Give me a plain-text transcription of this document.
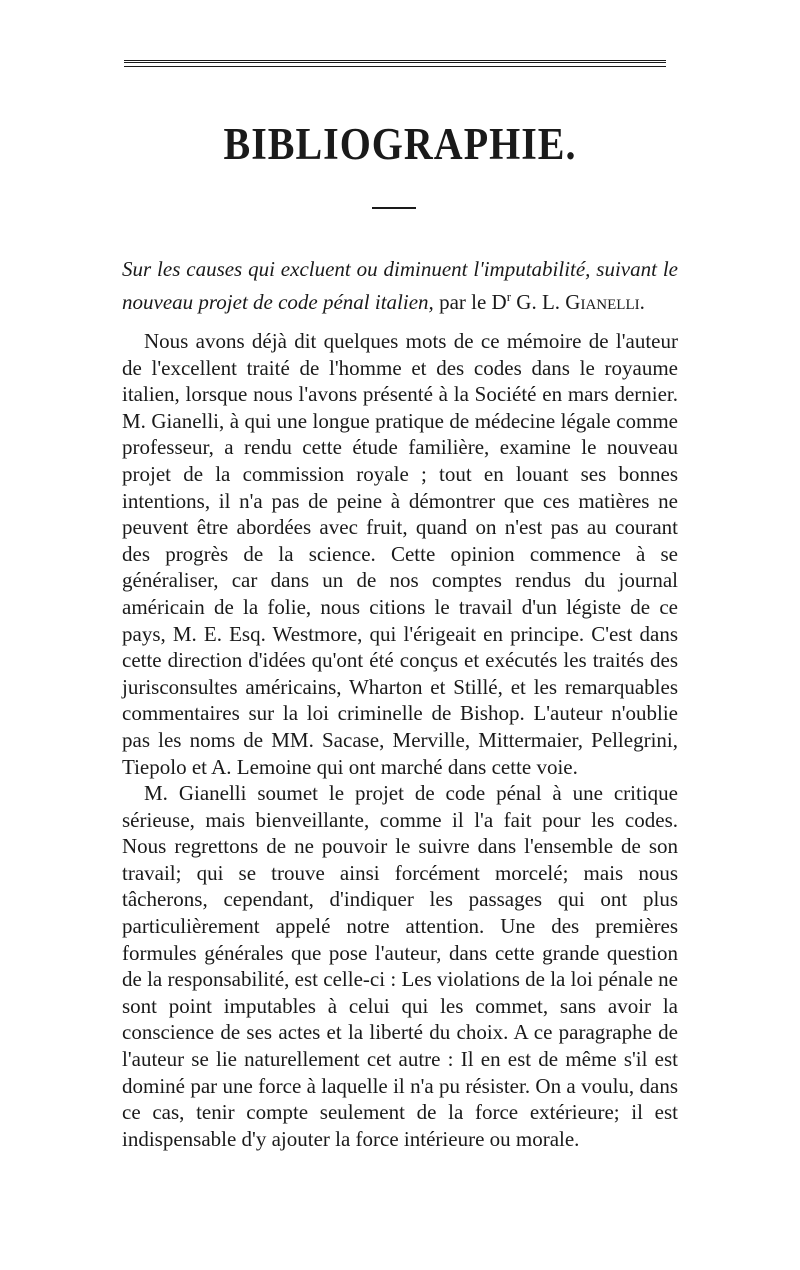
BIBLIOGRAPHIE.
Sur les causes qui excluent ou diminuent l'imputabilité, suivant le nouveau projet de code pénal italien, par le $D^r$ G. L. Gianelli.

Nous avons déjà dit quelques mots de ce mémoire de l'auteur de l'excellent traité de l'homme et des codes dans le royaume italien, lorsque nous l'avons présenté à la Société en mars dernier. M. Gianelli, à qui une longue pratique de médecine légale comme professeur, a rendu cette étude familière, examine le nouveau projet de la commission royale ; tout en louant ses bonnes intentions, il n'a pas de peine à démontrer que ces matières ne peuvent être abordées avec fruit, quand on n'est pas au courant des progrès de la science. Cette opinion commence à se généraliser, car dans un de nos comptes rendus du journal américain de la folie, nous citions le travail d'un légiste de ce pays, M. E. Esq. Westmore, qui l'érigeait en principe. C'est dans cette direction d'idées qu'ont été conçus et exécutés les traités des jurisconsultes américains, Wharton et Stillé, et les remarquables commentaires sur la loi criminelle de Bishop. L'auteur n'oublie pas les noms de MM. Sacase, Merville, Mittermaier, Pellegrini, Tiepolo et A. Lemoine qui ont marché dans cette voie.

M. Gianelli soumet le projet de code pénal à une critique sérieuse, mais bienveillante, comme il l'a fait pour les codes. Nous regrettons de ne pouvoir le suivre dans l'ensemble de son travail; qui se trouve ainsi forcément morcelé; mais nous tâcherons, cependant, d'indiquer les passages qui ont plus particulièrement appelé notre attention. Une des premières formules générales que pose l'auteur, dans cette grande question de la responsabilité, est celle-ci : Les violations de la loi pénale ne sont point imputables à celui qui les commet, sans avoir la conscience de ses actes et la liberté du choix. A ce paragraphe de l'auteur se lie naturellement cet autre : Il en est de même s'il est dominé par une force à laquelle il n'a pu résister. On a voulu, dans ce cas, tenir compte seulement de la force extérieure; il est indispensable d'y ajouter la force intérieure ou morale.
